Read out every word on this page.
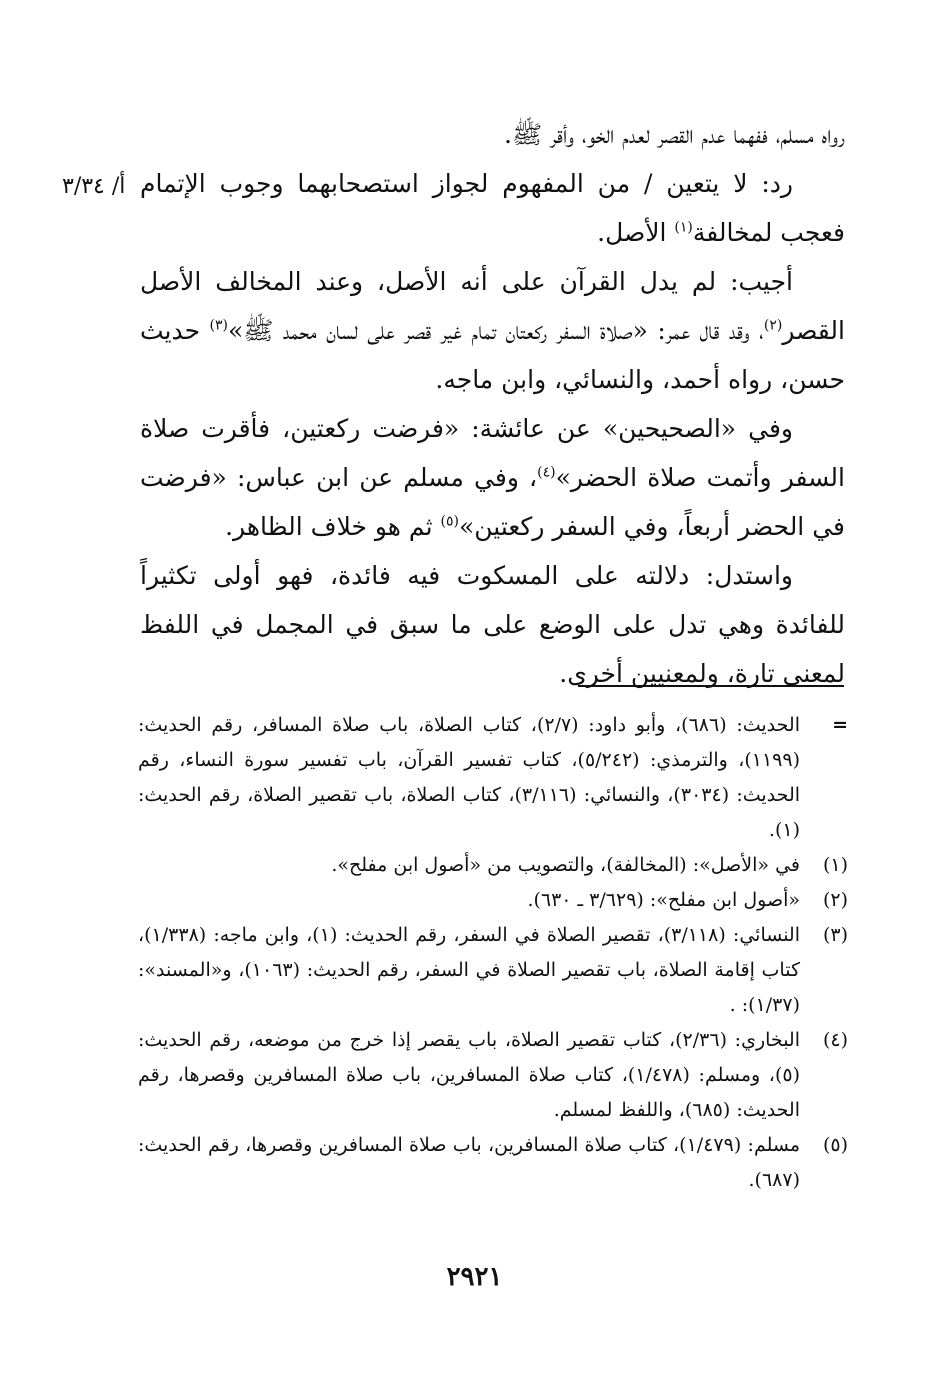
رواه مسلم، ففهما عدم القصر لعدم الخو، وأقر ﷺ.

رد: لا يتعين / من المفهوم لجواز استصحابهما وجوب الإتمام فعجب لمخالفة$^{(١)}$ الأصل.

أجيب: لم يدل القرآن على أنه الأصل، وعند المخالف الأصل القصر$^{(٢)}$، وقد قال عمر: «صلاة السفر ركعتان تمام غير قصر على لسان محمد ﷺ»$^{(٣)}$ حديث حسن، رواه أحمد، والنسائي، وابن ماجه.

وفي «الصحيحين» عن عائشة: «فرضت ركعتين، فأقرت صلاة السفر وأتمت صلاة الحضر»$^{(٤)}$، وفي مسلم عن ابن عباس: «فرضت في الحضر أربعاً، وفي السفر ركعتين»$^{(٥)}$ ثم هو خلاف الظاهر.

واستدل: دلالته على المسكوت فيه فائدة، فهو أولى تكثيراً للفائدة وهي تدل على الوضع على ما سبق في المجمل في اللفظ لمعنى تارة، ولمعنيين أخرى.

أ/ ٣/٣٤
=
الحديث: (٦٨٦)، وأبو داود: (٢/٧)، كتاب الصلاة، باب صلاة المسافر، رقم الحديث: (١١٩٩)، والترمذي: (٥/٢٤٢)، كتاب تفسير القرآن، باب تفسير سورة النساء، رقم الحديث: (٣٠٣٤)، والنسائي: (٣/١١٦)، كتاب الصلاة، باب تقصير الصلاة، رقم الحديث: (١).
(١)
في «الأصل»: (المخالفة)، والتصويب من «أصول ابن مفلح».
(٢)
«أصول ابن مفلح»: (٣/٦٢٩ ـ ٦٣٠).
(٣)
النسائي: (٣/١١٨)، تقصير الصلاة في السفر، رقم الحديث: (١)، وابن ماجه: (١/٣٣٨)، كتاب إقامة الصلاة، باب تقصير الصلاة في السفر، رقم الحديث: (١٠٦٣)، و«المسند»: (١/٣٧): .
(٤)
البخاري: (٢/٣٦)، كتاب تقصير الصلاة، باب يقصر إذا خرج من موضعه، رقم الحديث: (٥)، ومسلم: (١/٤٧٨)، كتاب صلاة المسافرين، باب صلاة المسافرين وقصرها، رقم الحديث: (٦٨٥)، واللفظ لمسلم.
(٥)
مسلم: (١/٤٧٩)، كتاب صلاة المسافرين، باب صلاة المسافرين وقصرها، رقم الحديث: (٦٨٧).
٢٩٢١
